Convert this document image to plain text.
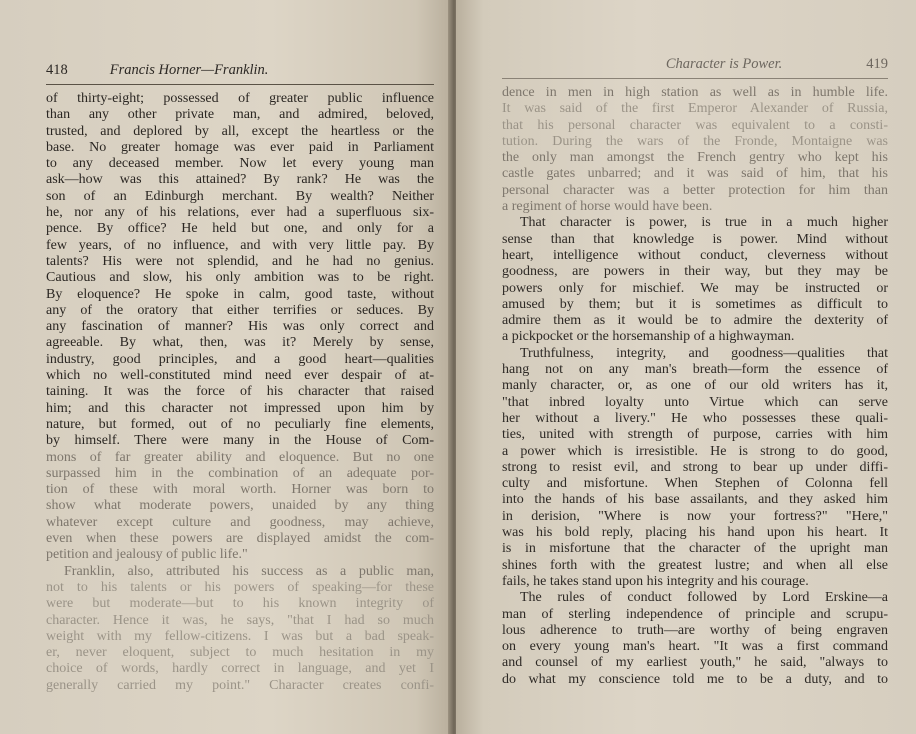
418	Francis Horner—Franklin.
of thirty-eight; possessed of greater public influence
than any other private man, and admired, beloved,
trusted, and deplored by all, except the heartless or the
base. No greater homage was ever paid in Parliament
to any deceased member. Now let every young man
ask—how was this attained? By rank? He was the
son of an Edinburgh merchant. By wealth? Neither
he, nor any of his relations, ever had a superfluous six-
pence. By office? He held but one, and only for a
few years, of no influence, and with very little pay. By
talents? His were not splendid, and he had no genius.
Cautious and slow, his only ambition was to be right.
By eloquence? He spoke in calm, good taste, without
any of the oratory that either terrifies or seduces. By
any fascination of manner? His was only correct and
agreeable. By what, then, was it? Merely by sense,
industry, good principles, and a good heart—qualities
which no well-constituted mind need ever despair of at-
taining. It was the force of his character that raised
him; and this character not impressed upon him by
nature, but formed, out of no peculiarly fine elements,
by himself. There were many in the House of Com-
mons of far greater ability and eloquence. But no one
surpassed him in the combination of an adequate por-
tion of these with moral worth. Horner was born to
show what moderate powers, unaided by any thing
whatever except culture and goodness, may achieve,
even when these powers are displayed amidst the com-
petition and jealousy of public life."
Franklin, also, attributed his success as a public man,
not to his talents or his powers of speaking—for these
were but moderate—but to his known integrity of
character. Hence it was, he says, "that I had so much
weight with my fellow-citizens. I was but a bad speak-
er, never eloquent, subject to much hesitation in my
choice of words, hardly correct in language, and yet I
generally carried my point." Character creates confi-
Character is Power.	419
dence in men in high station as well as in humble life.
It was said of the first Emperor Alexander of Russia,
that his personal character was equivalent to a consti-
tution. During the wars of the Fronde, Montaigne was
the only man amongst the French gentry who kept his
castle gates unbarred; and it was said of him, that his
personal character was a better protection for him than
a regiment of horse would have been.
That character is power, is true in a much higher
sense than that knowledge is power. Mind without
heart, intelligence without conduct, cleverness without
goodness, are powers in their way, but they may be
powers only for mischief. We may be instructed or
amused by them; but it is sometimes as difficult to
admire them as it would be to admire the dexterity of
a pickpocket or the horsemanship of a highwayman.
Truthfulness, integrity, and goodness—qualities that
hang not on any man's breath—form the essence of
manly character, or, as one of our old writers has it,
"that inbred loyalty unto Virtue which can serve
her without a livery." He who possesses these quali-
ties, united with strength of purpose, carries with him
a power which is irresistible. He is strong to do good,
strong to resist evil, and strong to bear up under diffi-
culty and misfortune. When Stephen of Colonna fell
into the hands of his base assailants, and they asked him
in derision, "Where is now your fortress?" "Here,"
was his bold reply, placing his hand upon his heart. It
is in misfortune that the character of the upright man
shines forth with the greatest lustre; and when all else
fails, he takes stand upon his integrity and his courage.
The rules of conduct followed by Lord Erskine—a
man of sterling independence of principle and scrupu-
lous adherence to truth—are worthy of being engraven
on every young man's heart. "It was a first command
and counsel of my earliest youth," he said, "always to
do what my conscience told me to be a duty, and to
